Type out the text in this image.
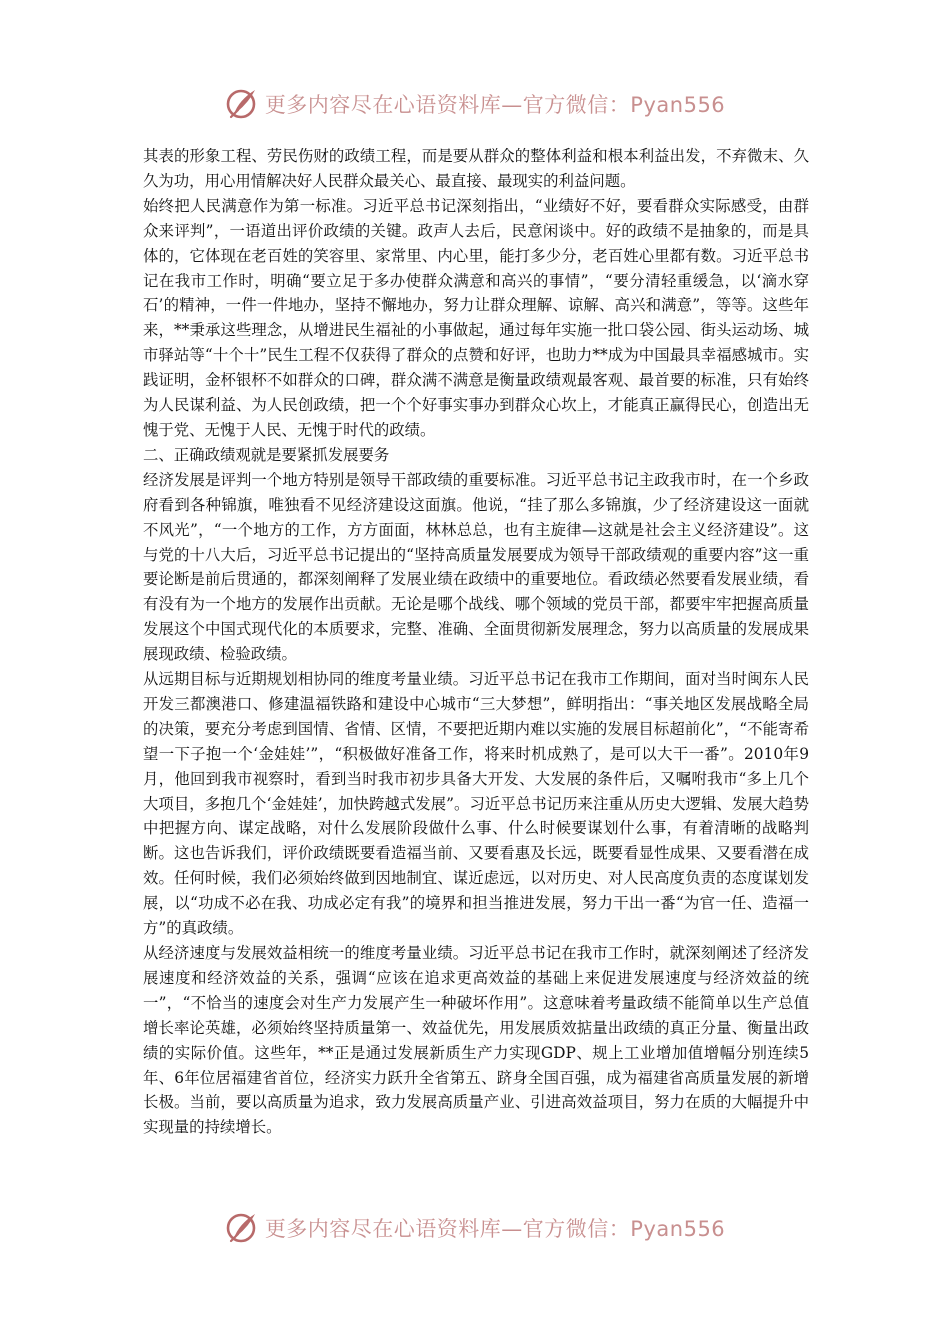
更多内容尽在心语资料库—官方微信：Pyan556

其表的形象工程、劳民伤财的政绩工程，而是要从群众的整体利益和根本利益出发，不弃微末、久久为功，用心用情解决好人民群众最关心、最直接、最现实的利益问题。

始终把人民满意作为第一标准。习近平总书记深刻指出，“业绩好不好，要看群众实际感受，由群众来评判”，一语道出评价政绩的关键。政声人去后，民意闲谈中。好的政绩不是抽象的，而是具体的，它体现在老百姓的笑容里、家常里、内心里，能打多少分，老百姓心里都有数。习近平总书记在我市工作时，明确“要立足于多办使群众满意和高兴的事情”，“要分清轻重缓急，以‘滴水穿石’的精神，一件一件地办，坚持不懈地办，努力让群众理解、谅解、高兴和满意”，等等。这些年来，**秉承这些理念，从增进民生福祉的小事做起，通过每年实施一批口袋公园、街头运动场、城市驿站等“十个十”民生工程不仅获得了群众的点赞和好评，也助力**成为中国最具幸福感城市。实践证明，金杯银杯不如群众的口碑，群众满不满意是衡量政绩观最客观、最首要的标准，只有始终为人民谋利益、为人民创政绩，把一个个好事实事办到群众心坎上，才能真正赢得民心，创造出无愧于党、无愧于人民、无愧于时代的政绩。

二、正确政绩观就是要紧抓发展要务

经济发展是评判一个地方特别是领导干部政绩的重要标准。习近平总书记主政我市时，在一个乡政府看到各种锦旗，唯独看不见经济建设这面旗。他说，“挂了那么多锦旗，少了经济建设这一面就不风光”，“一个地方的工作，方方面面，林林总总，也有主旋律—这就是社会主义经济建设”。这与党的十八大后，习近平总书记提出的“坚持高质量发展要成为领导干部政绩观的重要内容”这一重要论断是前后贯通的，都深刻阐释了发展业绩在政绩中的重要地位。看政绩必然要看发展业绩，看有没有为一个地方的发展作出贡献。无论是哪个战线、哪个领域的党员干部，都要牢牢把握高质量发展这个中国式现代化的本质要求，完整、准确、全面贯彻新发展理念，努力以高质量的发展成果展现政绩、检验政绩。

从远期目标与近期规划相协同的维度考量业绩。习近平总书记在我市工作期间，面对当时闽东人民开发三都澳港口、修建温福铁路和建设中心城市“三大梦想”，鲜明指出：“事关地区发展战略全局的决策，要充分考虑到国情、省情、区情，不要把近期内难以实施的发展目标超前化”，“不能寄希望一下子抱一个‘金娃娃’”，“积极做好准备工作，将来时机成熟了，是可以大干一番”。2010年9月，他回到我市视察时，看到当时我市初步具备大开发、大发展的条件后，又嘱咐我市“多上几个大项目，多抱几个‘金娃娃’，加快跨越式发展”。习近平总书记历来注重从历史大逻辑、发展大趋势中把握方向、谋定战略，对什么发展阶段做什么事、什么时候要谋划什么事，有着清晰的战略判断。这也告诉我们，评价政绩既要看造福当前、又要看惠及长远，既要看显性成果、又要看潜在成效。任何时候，我们必须始终做到因地制宜、谋近虑远，以对历史、对人民高度负责的态度谋划发展，以“功成不必在我、功成必定有我”的境界和担当推进发展，努力干出一番“为官一任、造福一方”的真政绩。

从经济速度与发展效益相统一的维度考量业绩。习近平总书记在我市工作时，就深刻阐述了经济发展速度和经济效益的关系，强调“应该在追求更高效益的基础上来促进发展速度与经济效益的统一”，“不恰当的速度会对生产力发展产生一种破坏作用”。这意味着考量政绩不能简单以生产总值增长率论英雄，必须始终坚持质量第一、效益优先，用发展质效掂量出政绩的真正分量、衡量出政绩的实际价值。这些年，**正是通过发展新质生产力实现GDP、规上工业增加值增幅分别连续5年、6年位居福建省首位，经济实力跃升全省第五、跻身全国百强，成为福建省高质量发展的新增长极。当前，要以高质量为追求，致力发展高质量产业、引进高效益项目，努力在质的大幅提升中实现量的持续增长。

更多内容尽在心语资料库—官方微信：Pyan556
